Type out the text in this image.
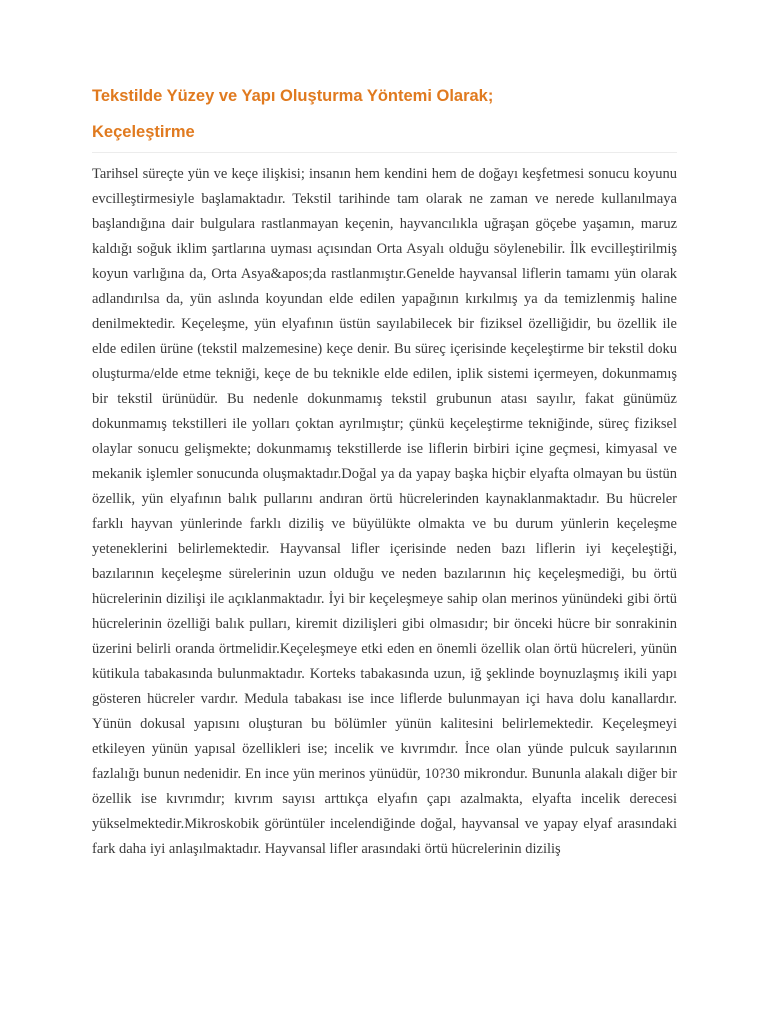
Tekstilde Yüzey ve Yapı Oluşturma Yöntemi Olarak;
Keçeleştirme

Tarihsel süreçte yün ve keçe ilişkisi; insanın hem kendini hem de doğayı keşfetmesi sonucu koyunu evcilleştirmesiyle başlamaktadır. Tekstil tarihinde tam olarak ne zaman ve nerede kullanılmaya başlandığına dair bulgulara rastlanmayan keçenin, hayvancılıkla uğraşan göçebe yaşamın, maruz kaldığı soğuk iklim şartlarına uyması açısından Orta Asyalı olduğu söylenebilir. İlk evcilleştirilmiş koyun varlığına da, Orta Asya&apos;da rastlanmıştır.Genelde hayvansal liflerin tamamı yün olarak adlandırılsa da, yün aslında koyundan elde edilen yapağının kırkılmış ya da temizlenmiş haline denilmektedir. Keçeleşme, yün elyafının üstün sayılabilecek bir fiziksel özelliğidir, bu özellik ile elde edilen ürüne (tekstil malzemesine) keçe denir. Bu süreç içerisinde keçeleştirme bir tekstil doku oluşturma/elde etme tekniği, keçe de bu teknikle elde edilen, iplik sistemi içermeyen, dokunmamış bir tekstil ürünüdür. Bu nedenle dokunmamış tekstil grubunun atası sayılır, fakat günümüz dokunmamış tekstilleri ile yolları çoktan ayrılmıştır; çünkü keçeleştirme tekniğinde, süreç fiziksel olaylar sonucu gelişmekte; dokunmamış tekstillerde ise liflerin birbiri içine geçmesi, kimyasal ve mekanik işlemler sonucunda oluşmaktadır.Doğal ya da yapay başka hiçbir elyafta olmayan bu üstün özellik, yün elyafının balık pullarını andıran örtü hücrelerinden kaynaklanmaktadır. Bu hücreler farklı hayvan yünlerinde farklı diziliş ve büyülükte olmakta ve bu durum yünlerin keçeleşme yeteneklerini belirlemektedir. Hayvansal lifler içerisinde neden bazı liflerin iyi keçeleştiği, bazılarının keçeleşme sürelerinin uzun olduğu ve neden bazılarının hiç keçeleşmediği, bu örtü hücrelerinin dizilişi ile açıklanmaktadır. İyi bir keçeleşmeye sahip olan merinos yünündeki gibi örtü hücrelerinin özelliği balık pulları, kiremit dizilişleri gibi olmasıdır; bir önceki hücre bir sonrakinin üzerini belirli oranda örtmelidir.Keçeleşmeye etki eden en önemli özellik olan örtü hücreleri, yünün kütikula tabakasında bulunmaktadır. Korteks tabakasında uzun, iğ şeklinde boynuzlaşmış ikili yapı gösteren hücreler vardır. Medula tabakası ise ince liflerde bulunmayan içi hava dolu kanallardır. Yünün dokusal yapısını oluşturan bu bölümler yünün kalitesini belirlemektedir. Keçeleşmeyi etkileyen yünün yapısal özellikleri ise; incelik ve kıvrımdır. İnce olan yünde pulcuk sayılarının fazlalığı bunun nedenidir. En ince yün merinos yünüdür, 10?30 mikrondur. Bununla alakalı diğer bir özellik ise kıvrımdır; kıvrım sayısı arttıkça elyafın çapı azalmakta, elyafta incelik derecesi yükselmektedir.Mikroskobik görüntüler incelendiğinde doğal, hayvansal ve yapay elyaf arasındaki fark daha iyi anlaşılmaktadır. Hayvansal lifler arasındaki örtü hücrelerinin diziliş
